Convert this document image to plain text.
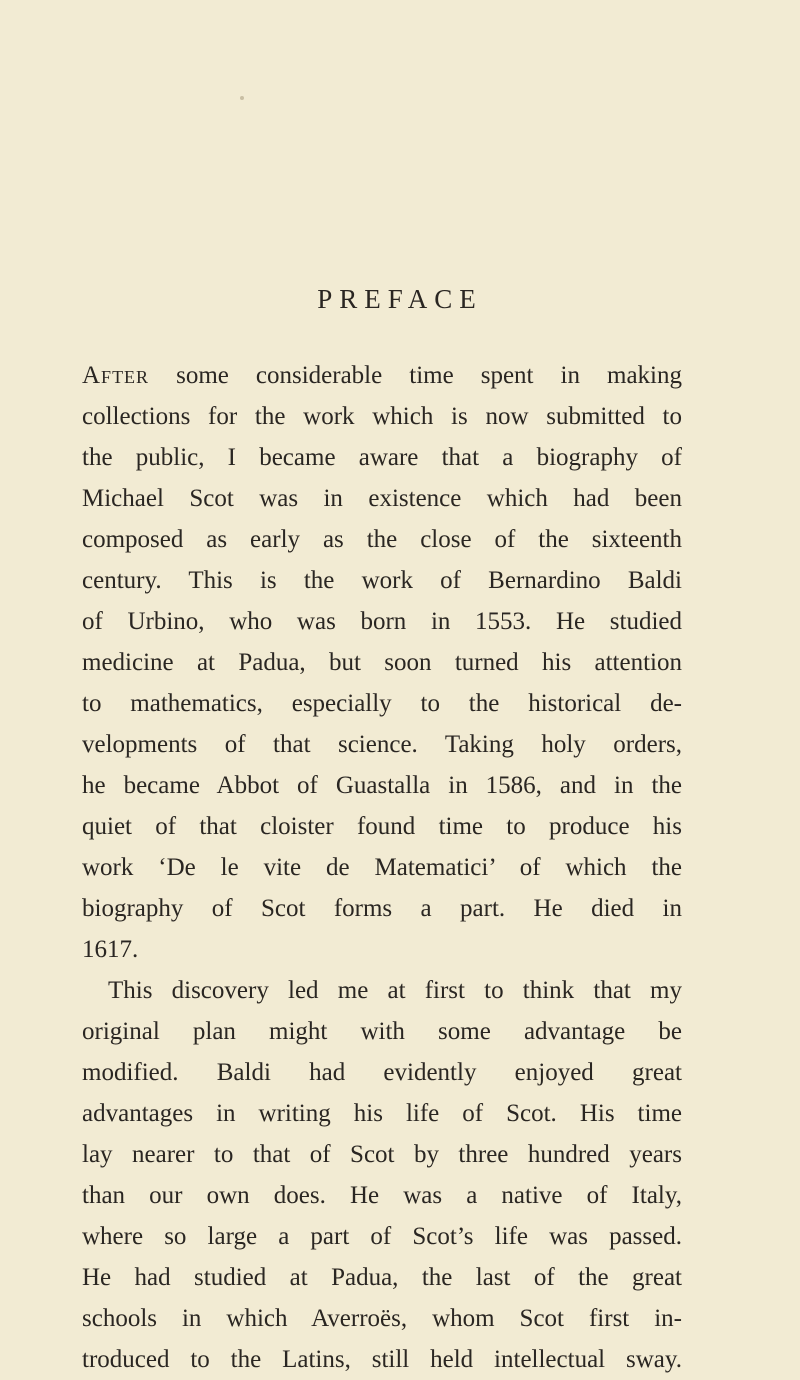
PREFACE
After some considerable time spent in making
collections for the work which is now submitted to
the public, I became aware that a biography of
Michael Scot was in existence which had been
composed as early as the close of the sixteenth
century. This is the work of Bernardino Baldi
of Urbino, who was born in 1553. He studied
medicine at Padua, but soon turned his attention
to mathematics, especially to the historical de-
velopments of that science. Taking holy orders,
he became Abbot of Guastalla in 1586, and in the
quiet of that cloister found time to produce his
work ‘De le vite de Matematici’ of which the
biography of Scot forms a part. He died in
1617.
This discovery led me at first to think that my
original plan might with some advantage be
modified. Baldi had evidently enjoyed great
advantages in writing his life of Scot. His time
lay nearer to that of Scot by three hundred years
than our own does. He was a native of Italy,
where so large a part of Scot’s life was passed.
He had studied at Padua, the last of the great
schools in which Averroës, whom Scot first in-
troduced to the Latins, still held intellectual sway.
